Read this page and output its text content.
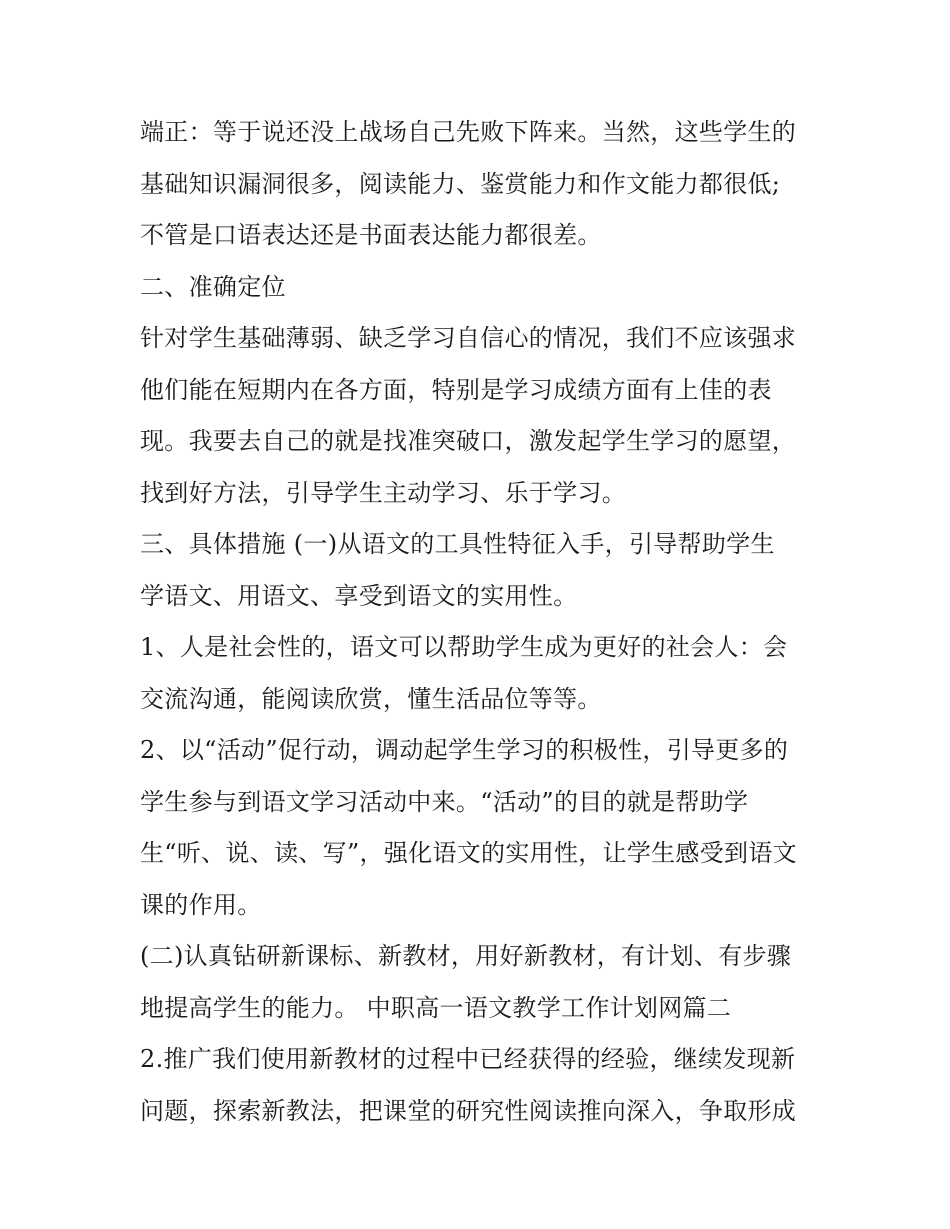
端正：等于说还没上战场自己先败下阵来。当然，这些学生的
基础知识漏洞很多，阅读能力、鉴赏能力和作文能力都很低;
不管是口语表达还是书面表达能力都很差。
二、准确定位
针对学生基础薄弱、缺乏学习自信心的情况，我们不应该强求
他们能在短期内在各方面，特别是学习成绩方面有上佳的表
现。我要去自己的就是找准突破口，激发起学生学习的愿望，
找到好方法，引导学生主动学习、乐于学习。
三、具体措施 (一)从语文的工具性特征入手，引导帮助学生
学语文、用语文、享受到语文的实用性。
1、人是社会性的，语文可以帮助学生成为更好的社会人：会
交流沟通，能阅读欣赏，懂生活品位等等。
2、以“活动”促行动，调动起学生学习的积极性，引导更多的
学生参与到语文学习活动中来。“活动”的目的就是帮助学
生“听、说、读、写”，强化语文的实用性，让学生感受到语文
课的作用。
(二)认真钻研新课标、新教材，用好新教材，有计划、有步骤
地提高学生的能力。 中职高一语文教学工作计划网篇二
2.推广我们使用新教材的过程中已经获得的经验，继续发现新
问题，探索新教法，把课堂的研究性阅读推向深入，争取形成
